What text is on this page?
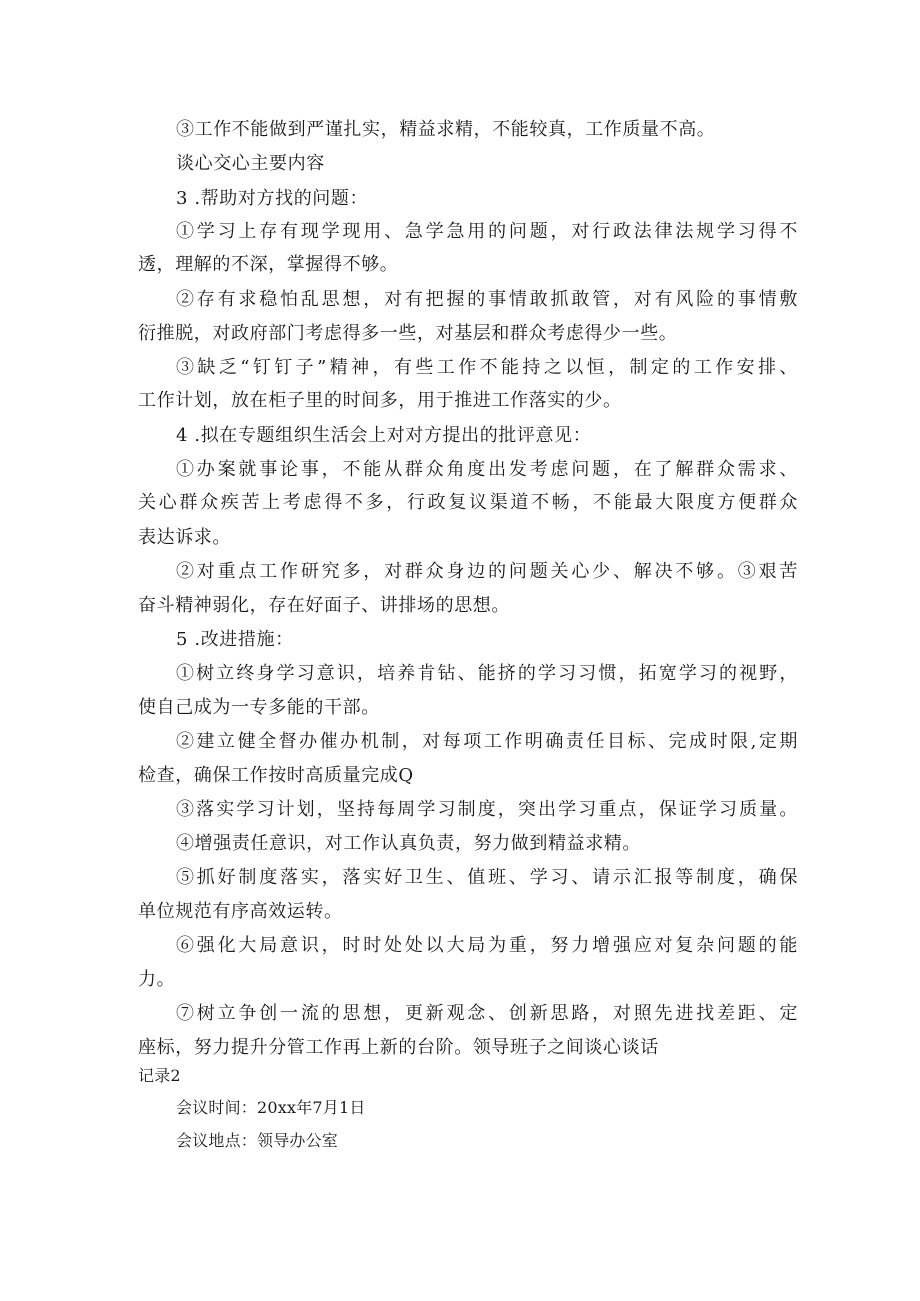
③工作不能做到严谨扎实，精益求精，不能较真，工作质量不高。
谈心交心主要内容
3 .帮助对方找的问题：
①学习上存有现学现用、急学急用的问题，对行政法律法规学习得不
透，理解的不深，掌握得不够。
②存有求稳怕乱思想，对有把握的事情敢抓敢管，对有风险的事情敷
衍推脱，对政府部门考虑得多一些，对基层和群众考虑得少一些。
③缺乏“钉钉子”精神，有些工作不能持之以恒，制定的工作安排、
工作计划，放在柜子里的时间多，用于推进工作落实的少。
4 .拟在专题组织生活会上对对方提出的批评意见：
①办案就事论事，不能从群众角度出发考虑问题，在了解群众需求、
关心群众疾苦上考虑得不多，行政复议渠道不畅，不能最大限度方便群众
表达诉求。
②对重点工作研究多，对群众身边的问题关心少、解决不够。③艰苦
奋斗精神弱化，存在好面子、讲排场的思想。
5 .改进措施：
①树立终身学习意识，培养肯钻、能挤的学习习惯，拓宽学习的视野，
使自己成为一专多能的干部。
②建立健全督办催办机制，对每项工作明确责任目标、完成时限,定期
检查，确保工作按时高质量完成Q
③落实学习计划，坚持每周学习制度，突出学习重点，保证学习质量。
④增强责任意识，对工作认真负责，努力做到精益求精。
⑤抓好制度落实，落实好卫生、值班、学习、请示汇报等制度，确保
单位规范有序高效运转。
⑥强化大局意识，时时处处以大局为重，努力增强应对复杂问题的能
力。
⑦树立争创一流的思想，更新观念、创新思路，对照先进找差距、定
座标，努力提升分管工作再上新的台阶。领导班子之间谈心谈话
记录2
会议时间：20xx年7月1日
会议地点：领导办公室
